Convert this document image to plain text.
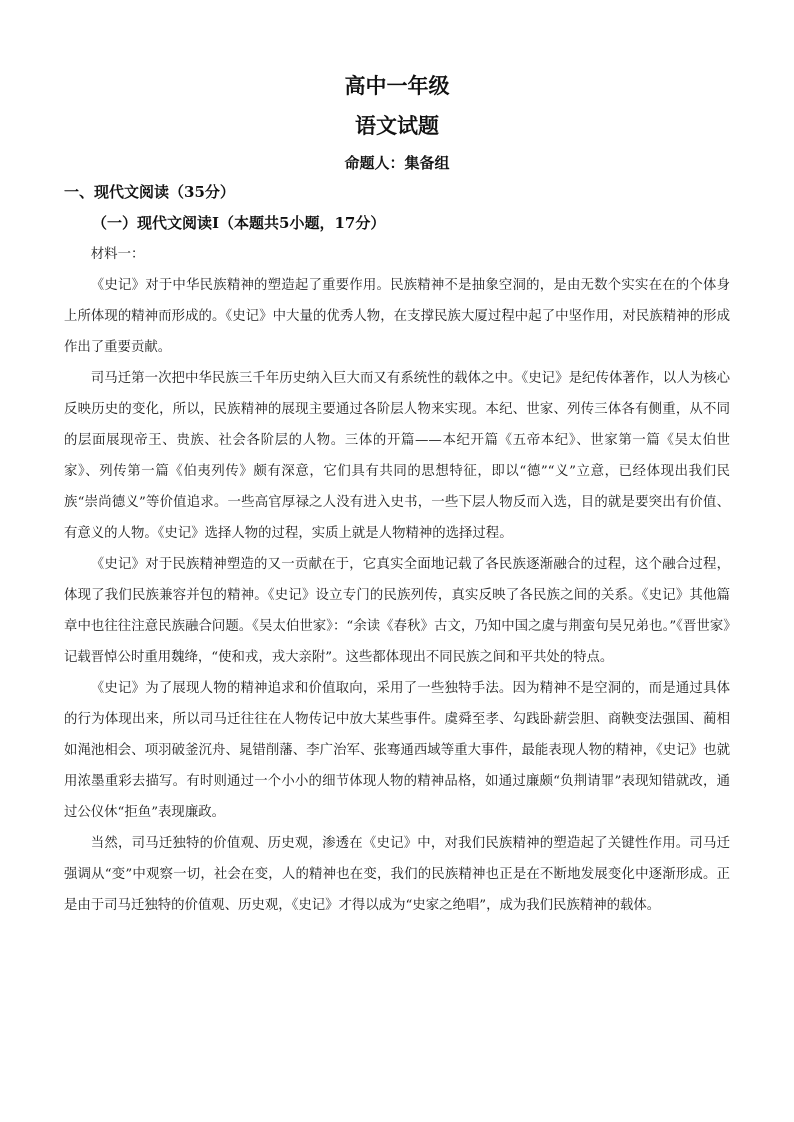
高中一年级
语文试题
命题人：集备组
一、现代文阅读（35分）
（一）现代文阅读Ⅰ（本题共5小题，17分）

材料一：

《史记》对于中华民族精神的塑造起了重要作用。民族精神不是抽象空洞的，是由无数个实实在在的个体身上所体现的精神而形成的。《史记》中大量的优秀人物，在支撑民族大厦过程中起了中坚作用，对民族精神的形成作出了重要贡献。

司马迁第一次把中华民族三千年历史纳入巨大而又有系统性的载体之中。《史记》是纪传体著作，以人为核心反映历史的变化，所以，民族精神的展现主要通过各阶层人物来实现。本纪、世家、列传三体各有侧重，从不同的层面展现帝王、贵族、社会各阶层的人物。三体的开篇——本纪开篇《五帝本纪》、世家第一篇《吴太伯世家》、列传第一篇《伯夷列传》颇有深意，它们具有共同的思想特征，即以“德”“义”立意，已经体现出我们民族“崇尚德义”等价值追求。一些高官厚禄之人没有进入史书，一些下层人物反而入选，目的就是要突出有价值、有意义的人物。《史记》选择人物的过程，实质上就是人物精神的选择过程。

《史记》对于民族精神塑造的又一贡献在于，它真实全面地记载了各民族逐渐融合的过程，这个融合过程，体现了我们民族兼容并包的精神。《史记》设立专门的民族列传，真实反映了各民族之间的关系。《史记》其他篇章中也往往注意民族融合问题。《吴太伯世家》：“余读《春秋》古文，乃知中国之虞与荆蛮句吴兄弟也。”《晋世家》记载晋悼公时重用魏绛，“使和戎，戎大亲附”。这些都体现出不同民族之间和平共处的特点。

《史记》为了展现人物的精神追求和价值取向，采用了一些独特手法。因为精神不是空洞的，而是通过具体的行为体现出来，所以司马迁往往在人物传记中放大某些事件。虞舜至孝、勾践卧薪尝胆、商鞅变法强国、蔺相如渑池相会、项羽破釜沉舟、晁错削藩、李广治军、张骞通西域等重大事件，最能表现人物的精神，《史记》也就用浓墨重彩去描写。有时则通过一个小小的细节体现人物的精神品格，如通过廉颇“负荆请罪”表现知错就改，通过公仪休“拒鱼”表现廉政。

当然，司马迁独特的价值观、历史观，渗透在《史记》中，对我们民族精神的塑造起了关键性作用。司马迁强调从“变”中观察一切，社会在变，人的精神也在变，我们的民族精神也正是在不断地发展变化中逐渐形成。正是由于司马迁独特的价值观、历史观，《史记》才得以成为“史家之绝唱”，成为我们民族精神的载体。
